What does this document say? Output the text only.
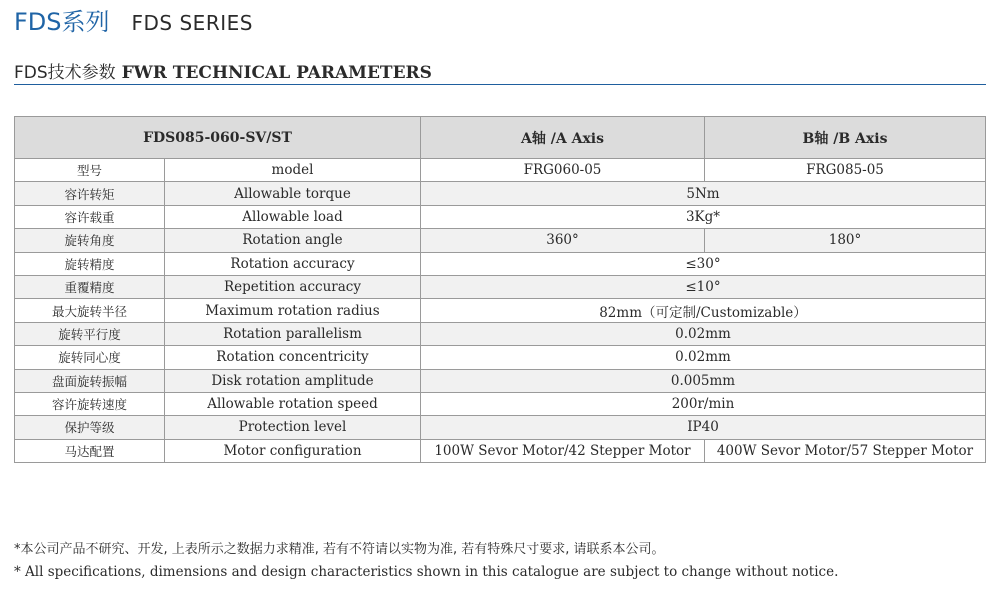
FDS系列 FDS SERIES
FDS技术参数 FWR TECHNICAL PARAMETERS
FDS085-060-SV/ST		A轴 /A Axis	B轴 /B Axis
型号	model	FRG060-05	FRG085-05
容许转矩	Allowable torque	5Nm	
容许载重	Allowable load	3Kg*	
旋转角度	Rotation angle	360°	180°
旋转精度	Rotation accuracy	≤30°	
重覆精度	Repetition accuracy	≤10°	
最大旋转半径	Maximum rotation radius	82mm（可定制/Customizable）	
旋转平行度	Rotation parallelism	0.02mm	
旋转同心度	Rotation concentricity	0.02mm	
盘面旋转振幅	Disk rotation amplitude	0.005mm	
容许旋转速度	Allowable rotation speed	200r/min	
保护等级	Protection level	IP40	
马达配置	Motor configuration	100W Sevor Motor/42 Stepper Motor	400W Sevor Motor/57 Stepper Motor
*本公司产品不研究、开发, 上表所示之数据力求精准, 若有不符请以实物为准, 若有特殊尺寸要求, 请联系本公司。
* All specifications, dimensions and design characteristics shown in this catalogue are subject to change without notice.
